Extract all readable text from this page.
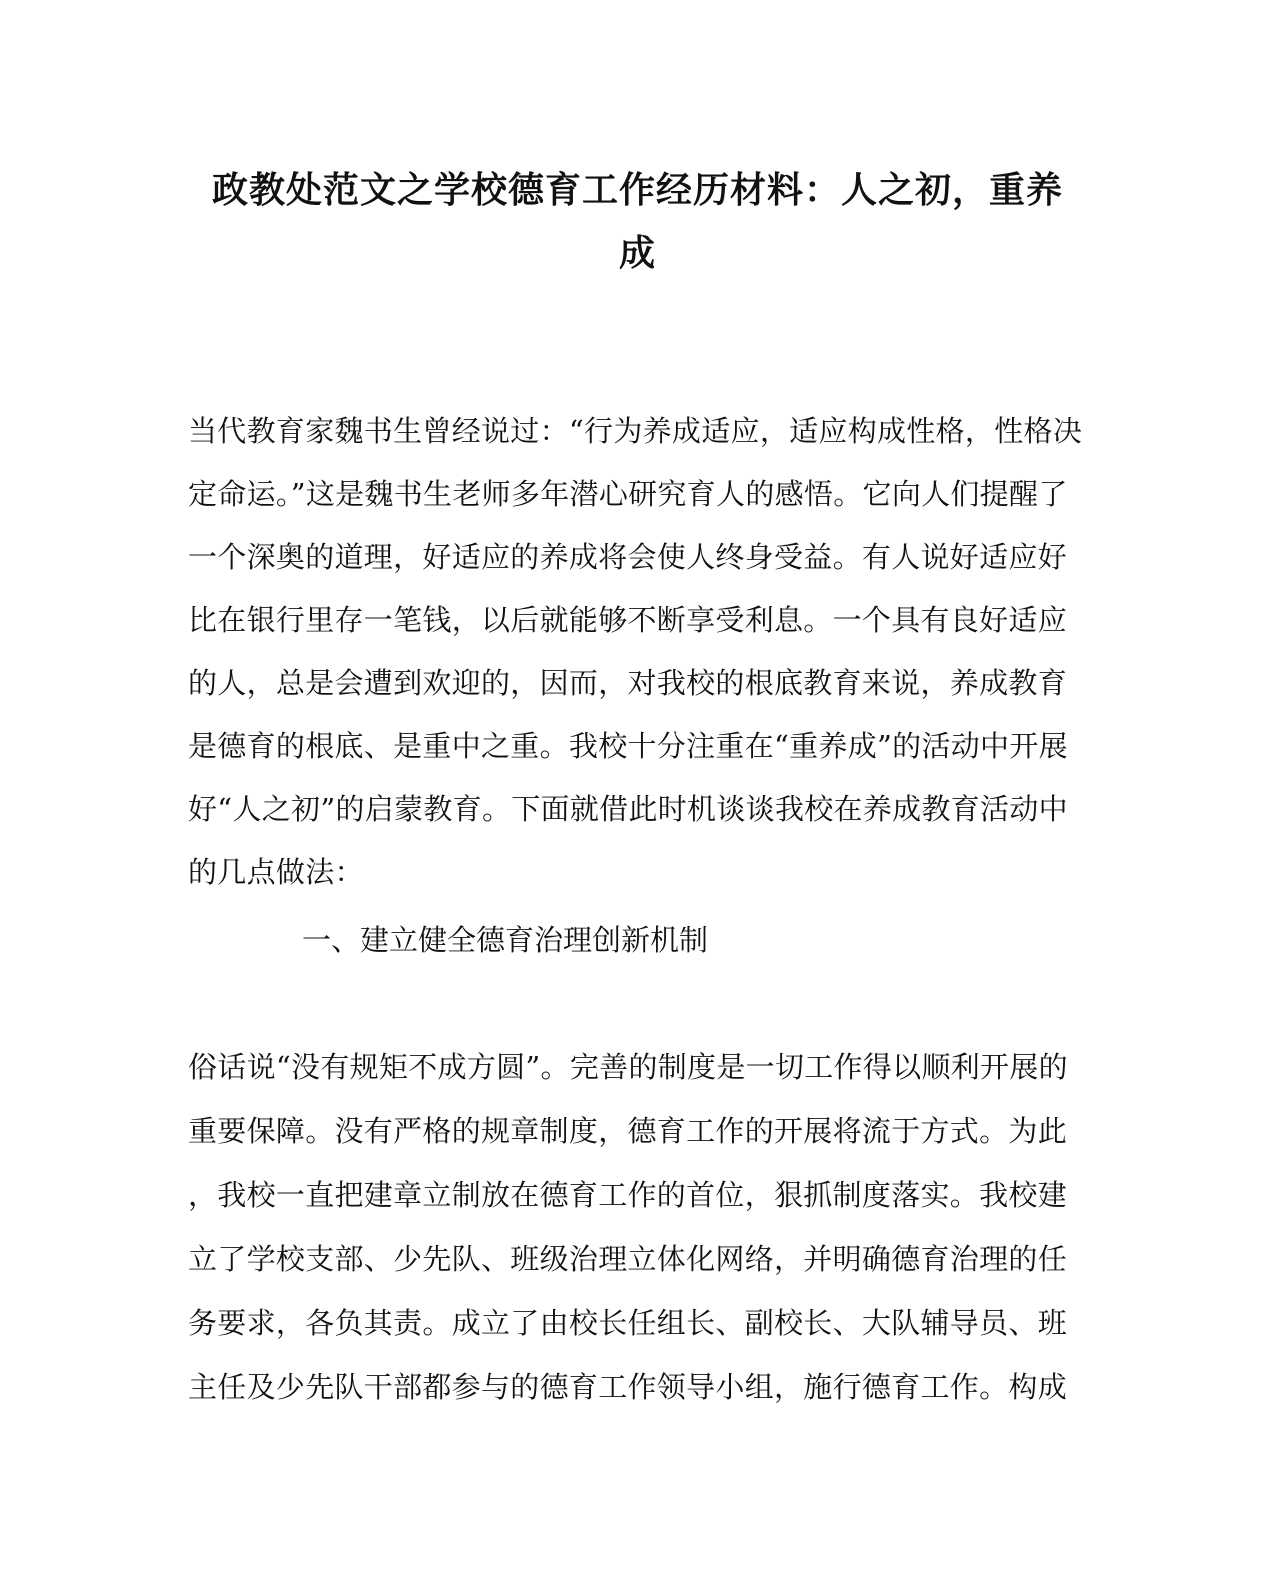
政教处范文之学校德育工作经历材料：人之初，重养
成
当代教育家魏书生曾经说过：“行为养成适应，适应构成性格，性格决
定命运。”这是魏书生老师多年潜心研究育人的感悟。它向人们提醒了
一个深奥的道理，好适应的养成将会使人终身受益。有人说好适应好
比在银行里存一笔钱，以后就能够不断享受利息。一个具有良好适应
的人，总是会遭到欢迎的，因而，对我校的根底教育来说，养成教育
是德育的根底、是重中之重。我校十分注重在“重养成”的活动中开展
好“人之初”的启蒙教育。下面就借此时机谈谈我校在养成教育活动中
的几点做法：
一、建立健全德育治理创新机制
俗话说“没有规矩不成方圆”。完善的制度是一切工作得以顺利开展的
重要保障。没有严格的规章制度，德育工作的开展将流于方式。为此
，我校一直把建章立制放在德育工作的首位，狠抓制度落实。我校建
立了学校支部、少先队、班级治理立体化网络，并明确德育治理的任
务要求，各负其责。成立了由校长任组长、副校长、大队辅导员、班
主任及少先队干部都参与的德育工作领导小组，施行德育工作。构成
